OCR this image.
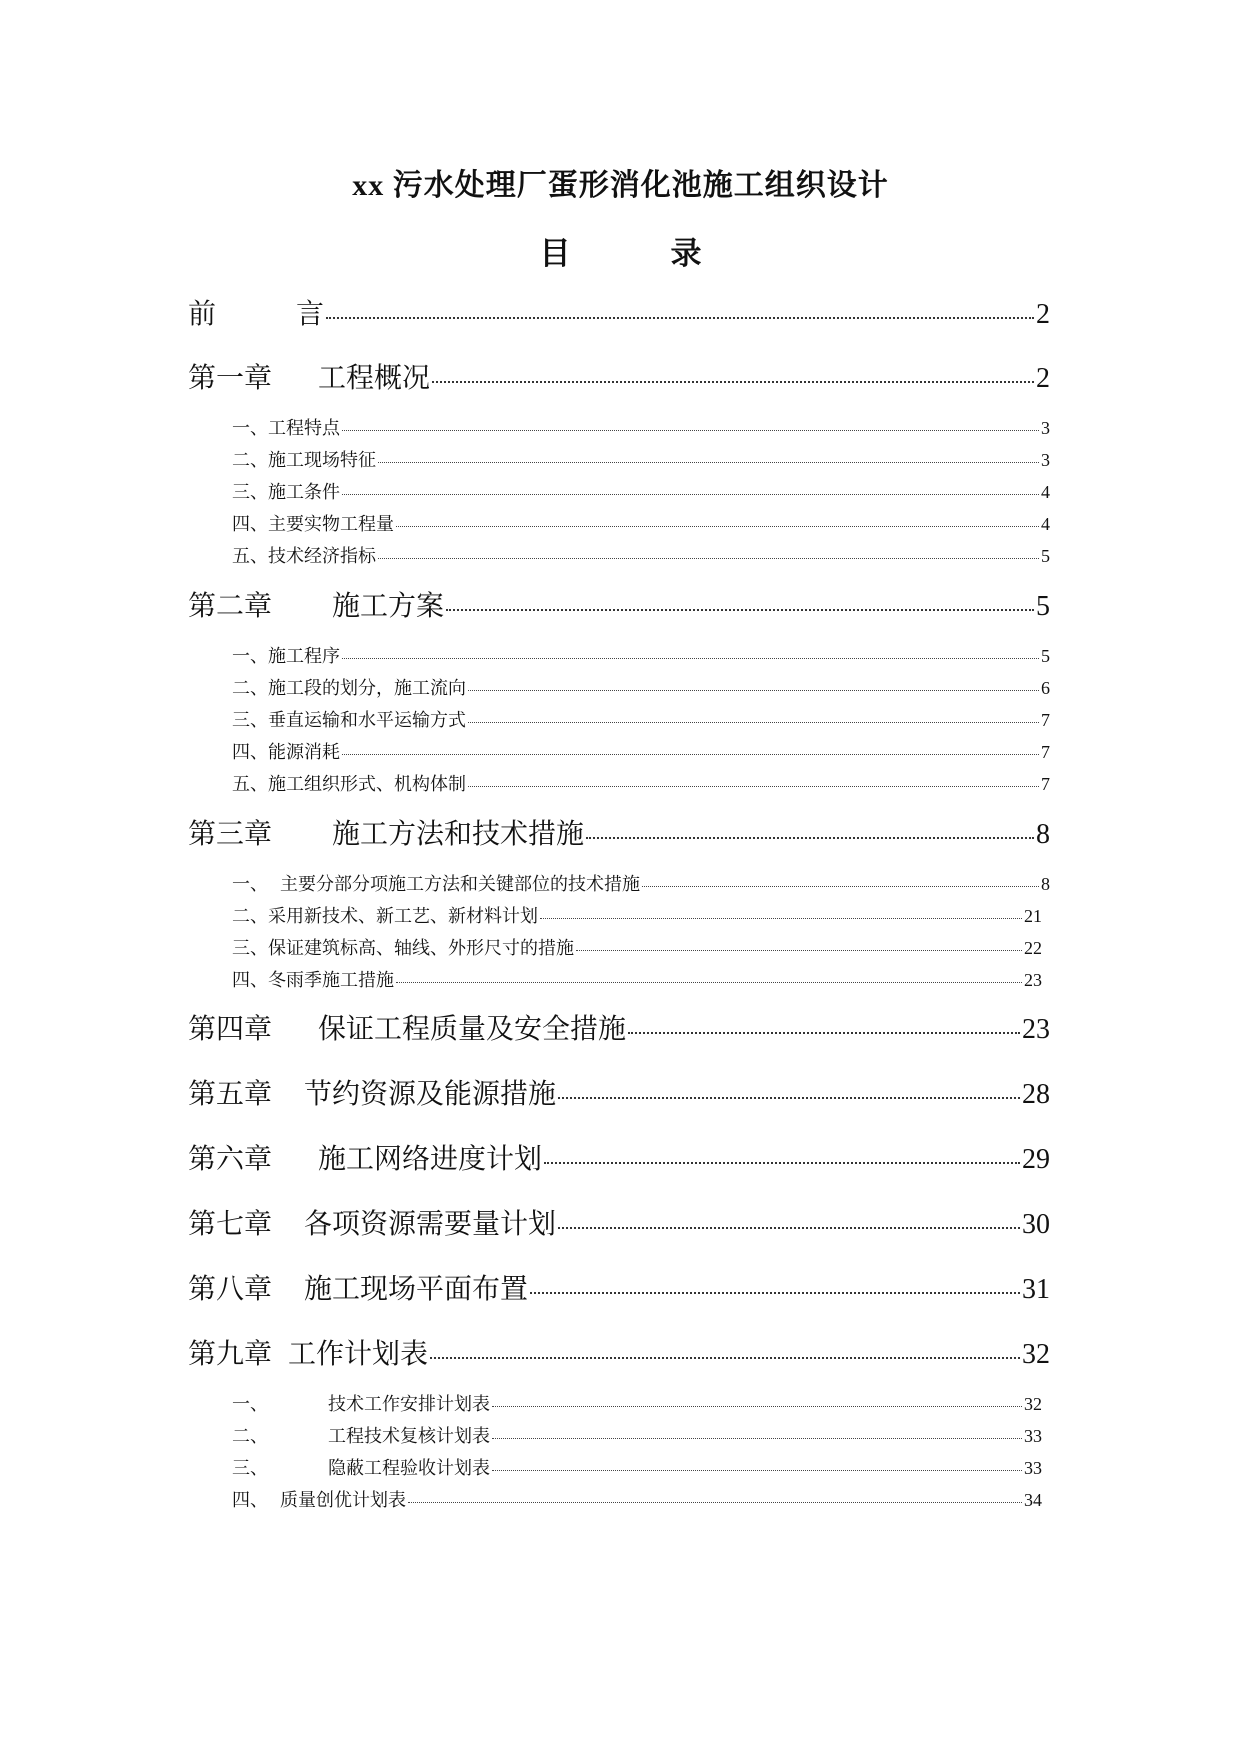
xx 污水处理厂蛋形消化池施工组织设计
目	录
前	言	2
第一章 工程概况	2
一、工程特点	3
二、施工现场特征	3
三、施工条件	4
四、主要实物工程量	4
五、技术经济指标	5
第二章 施工方案	5
一、施工程序	5
二、施工段的划分，施工流向	6
三、垂直运输和水平运输方式	7
四、能源消耗	7
五、施工组织形式、机构体制	7
第三章 施工方法和技术措施	8
一、 主要分部分项施工方法和关键部位的技术措施	8
二、采用新技术、新工艺、新材料计划	21
三、保证建筑标高、轴线、外形尺寸的措施	22
四、冬雨季施工措施	23
第四章 保证工程质量及安全措施	23
第五章 节约资源及能源措施	28
第六章 施工网络进度计划	29
第七章 各项资源需要量计划	30
第八章 施工现场平面布置	31
第九章 工作计划表	32
一、	技术工作安排计划表	32
二、	工程技术复核计划表	33
三、	隐蔽工程验收计划表	33
四、 质量创优计划表	34
